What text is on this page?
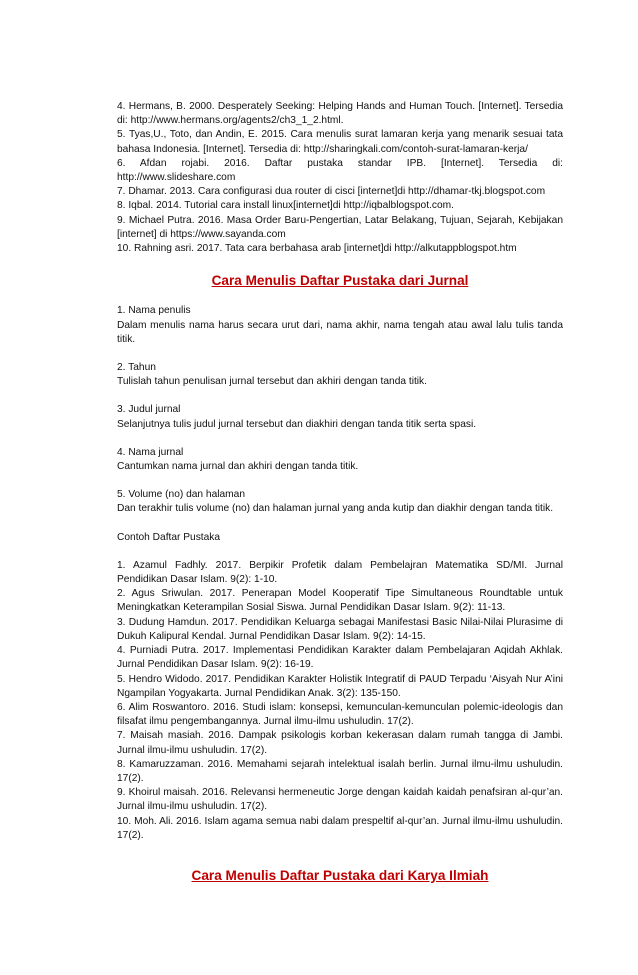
4. Hermans, B. 2000. Desperately Seeking: Helping Hands and Human Touch. [Internet]. Tersedia di: http://www.hermans.org/agents2/ch3_1_2.html.

5. Tyas,U., Toto, dan Andin, E. 2015. Cara menulis surat lamaran kerja yang menarik sesuai tata bahasa Indonesia. [Internet]. Tersedia di: http://sharingkali.com/contoh-surat-lamaran-kerja/

6. Afdan rojabi. 2016. Daftar pustaka standar IPB. [Internet]. Tersedia di: http://www.slideshare.com

7. Dhamar. 2013. Cara configurasi dua router di cisci [internet]di http://dhamar-tkj.blogspot.com

8. Iqbal. 2014. Tutorial cara install linux[internet]di http://iqbalblogspot.com.

9. Michael Putra. 2016. Masa Order Baru-Pengertian, Latar Belakang, Tujuan, Sejarah, Kebijakan [internet] di https://www.sayanda.com

10. Rahning asri. 2017. Tata cara berbahasa arab [internet]di http://alkutappblogspot.htm

Cara Menulis Daftar Pustaka dari Jurnal

1. Nama penulis

Dalam menulis nama harus secara urut dari, nama akhir, nama tengah atau awal lalu tulis tanda titik.

2. Tahun

Tulislah tahun penulisan jurnal tersebut dan akhiri dengan tanda titik.

3. Judul jurnal

Selanjutnya tulis judul jurnal tersebut dan diakhiri dengan tanda titik serta spasi.

4. Nama jurnal

Cantumkan nama jurnal dan akhiri dengan tanda titik.

5. Volume (no) dan halaman

Dan terakhir tulis volume (no) dan halaman jurnal yang anda kutip dan diakhir dengan tanda titik.

Contoh Daftar Pustaka

1. Azamul Fadhly. 2017. Berpikir Profetik dalam Pembelajran Matematika SD/MI. Jurnal Pendidikan Dasar Islam. 9(2): 1-10.

2. Agus Sriwulan. 2017. Penerapan Model Kooperatif Tipe Simultaneous Roundtable untuk Meningkatkan Keterampilan Sosial Siswa. Jurnal Pendidikan Dasar Islam. 9(2): 11-13.

3. Dudung Hamdun. 2017. Pendidikan Keluarga sebagai Manifestasi Basic Nilai-Nilai Plurasime di Dukuh Kalipural Kendal. Jurnal Pendidikan Dasar Islam. 9(2): 14-15.

4. Purniadi Putra. 2017. Implementasi Pendidikan Karakter dalam Pembelajaran Aqidah Akhlak. Jurnal Pendidikan Dasar Islam. 9(2): 16-19.

5. Hendro Widodo. 2017. Pendidikan Karakter Holistik Integratif di PAUD Terpadu ‘Aisyah Nur A’ini Ngampilan Yogyakarta. Jurnal Pendidikan Anak. 3(2): 135-150.

6. Alim Roswantoro. 2016. Studi islam: konsepsi, kemunculan-kemunculan polemic-ideologis dan filsafat ilmu pengembangannya. Jurnal ilmu-ilmu ushuludin. 17(2).

7. Maisah masiah. 2016. Dampak psikologis korban kekerasan dalam rumah tangga di Jambi. Jurnal ilmu-ilmu ushuludin. 17(2).

8. Kamaruzzaman. 2016. Memahami sejarah intelektual isalah berlin. Jurnal ilmu-ilmu ushuludin. 17(2).

9. Khoirul maisah. 2016. Relevansi hermeneutic Jorge dengan kaidah kaidah penafsiran al-qur’an. Jurnal ilmu-ilmu ushuludin. 17(2).

10. Moh. Ali. 2016. Islam agama semua nabi dalam prespeltif al-qur’an. Jurnal ilmu-ilmu ushuludin. 17(2).

Cara Menulis Daftar Pustaka dari Karya Ilmiah
